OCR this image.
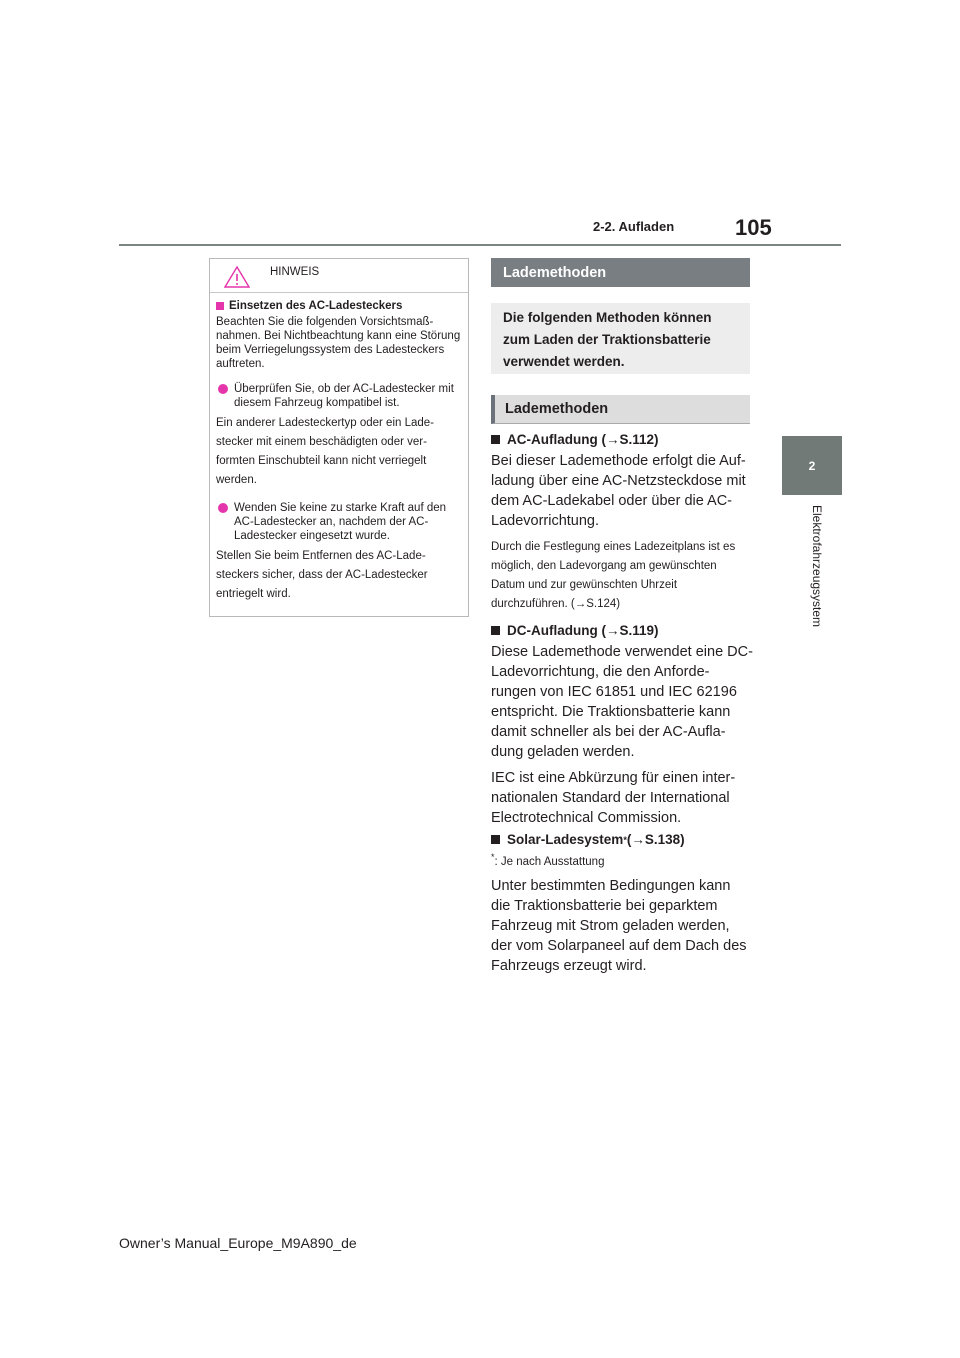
2-2. Aufladen	105
2
Elektrofahrzeugsystem
HINWEIS
Einsetzen des AC-Ladesteckers
Beachten Sie die folgenden Vorsichtsmaß-nahmen. Bei Nichtbeachtung kann eine Störung beim Verriegelungssystem des Ladesteckers auftreten.
Überprüfen Sie, ob der AC-Ladestecker mit diesem Fahrzeug kompatibel ist.
Ein anderer Ladesteckertyp oder ein Lade-stecker mit einem beschädigten oder ver-formten Einschubteil kann nicht verriegelt werden.
Wenden Sie keine zu starke Kraft auf den AC-Ladestecker an, nachdem der AC-Ladestecker eingesetzt wurde.
Stellen Sie beim Entfernen des AC-Lade-steckers sicher, dass der AC-Ladestecker entriegelt wird.
Lademethoden
Die folgenden Methoden können zum Laden der Traktionsbatterie verwendet werden.
Lademethoden
AC-Aufladung (→S.112)
Bei dieser Lademethode erfolgt die Auf-ladung über eine AC-Netzsteckdose mit dem AC-Ladekabel oder über die AC-Ladevorrichtung.
Durch die Festlegung eines Ladezeitplans ist es möglich, den Ladevorgang am gewünschten Datum und zur gewünschten Uhrzeit durchzuführen. (→S.124)
DC-Aufladung (→S.119)
Diese Lademethode verwendet eine DC-Ladevorrichtung, die den Anforde-rungen von IEC 61851 und IEC 62196 entspricht. Die Traktionsbatterie kann damit schneller als bei der AC-Aufla-dung geladen werden.
IEC ist eine Abkürzung für einen inter-nationalen Standard der International Electrotechnical Commission.
Solar-Ladesystem * (→S.138)
*: Je nach Ausstattung
Unter bestimmten Bedingungen kann die Traktionsbatterie bei geparktem Fahrzeug mit Strom geladen werden, der vom Solarpaneel auf dem Dach des Fahrzeugs erzeugt wird.
Owner’s Manual_Europe_M9A890_de
